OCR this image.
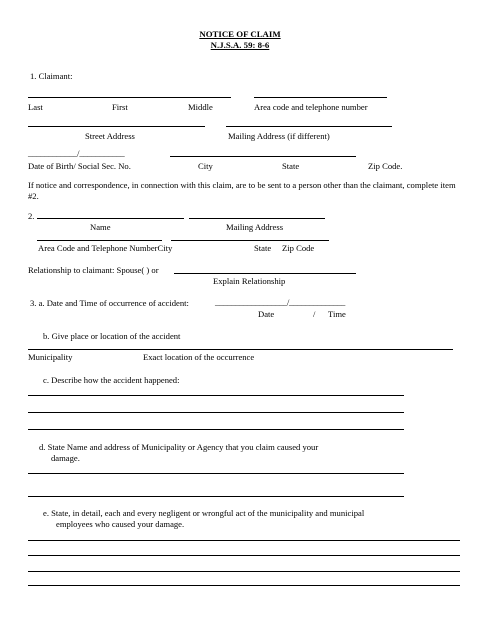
NOTICE OF CLAIM
N.J.S.A. 59: 8-6
1. Claimant:
Last	First	Middle	Area code and telephone number
Street Address	Mailing Address (if different)
____________/___________
Date of Birth/ Social Sec. No.	City	State	Zip Code.
If notice and correspondence, in connection with this claim, are to be sent to a person other than the claimant, complete item #2.
2.
Name	Mailing Address
Area Code and Telephone NumberCity	State Zip Code
Relationship to claimant: Spouse( ) or
Explain Relationship
3. a. Date and Time of occurrence of accident:	__________________/______________
Date	/ Time
b. Give place or location of the accident
Municipality	Exact location of the occurrence
c. Describe how the accident happened:
d. State Name and address of Municipality or Agency that you claim caused your
damage.
e. State, in detail, each and every negligent or wrongful act of the municipality and municipal
employees who caused your damage.
